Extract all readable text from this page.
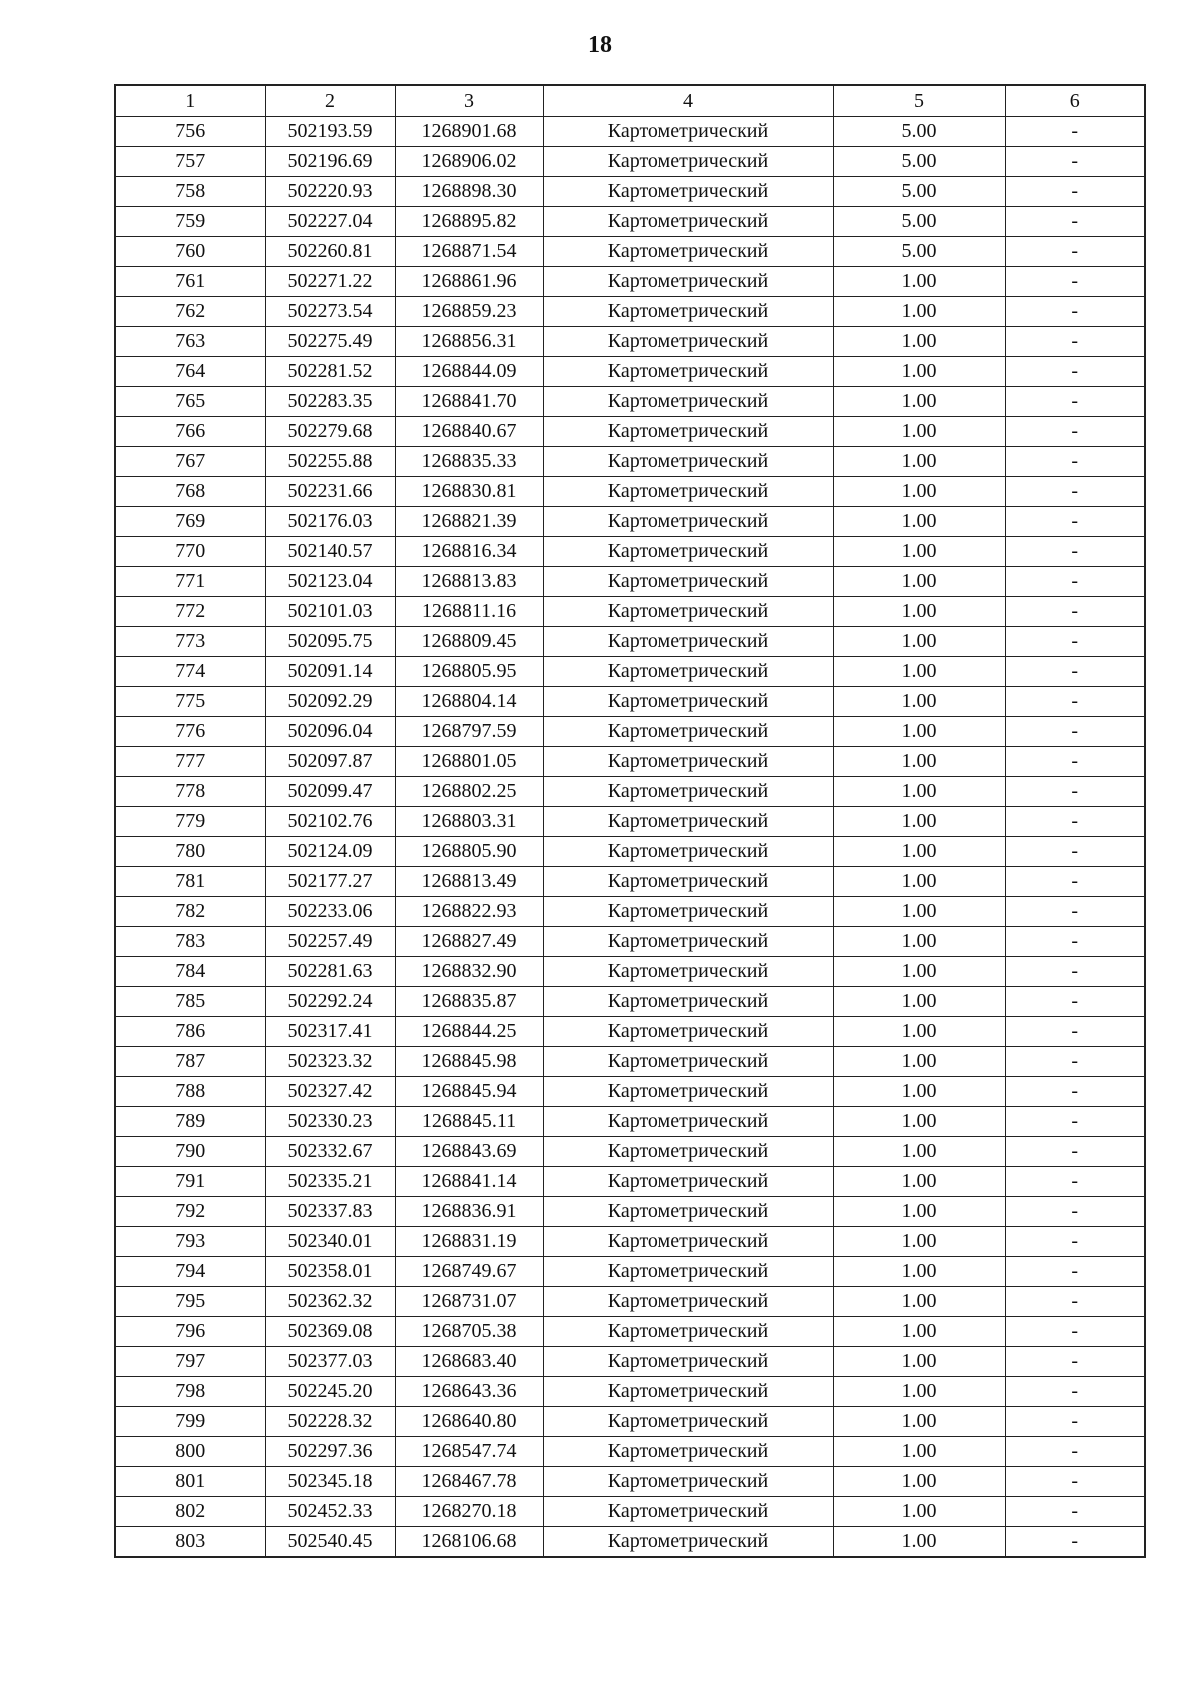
18
1	2	3	4	5	6
756	502193.59	1268901.68	Картометрический	5.00	-
757	502196.69	1268906.02	Картометрический	5.00	-
758	502220.93	1268898.30	Картометрический	5.00	-
759	502227.04	1268895.82	Картометрический	5.00	-
760	502260.81	1268871.54	Картометрический	5.00	-
761	502271.22	1268861.96	Картометрический	1.00	-
762	502273.54	1268859.23	Картометрический	1.00	-
763	502275.49	1268856.31	Картометрический	1.00	-
764	502281.52	1268844.09	Картометрический	1.00	-
765	502283.35	1268841.70	Картометрический	1.00	-
766	502279.68	1268840.67	Картометрический	1.00	-
767	502255.88	1268835.33	Картометрический	1.00	-
768	502231.66	1268830.81	Картометрический	1.00	-
769	502176.03	1268821.39	Картометрический	1.00	-
770	502140.57	1268816.34	Картометрический	1.00	-
771	502123.04	1268813.83	Картометрический	1.00	-
772	502101.03	1268811.16	Картометрический	1.00	-
773	502095.75	1268809.45	Картометрический	1.00	-
774	502091.14	1268805.95	Картометрический	1.00	-
775	502092.29	1268804.14	Картометрический	1.00	-
776	502096.04	1268797.59	Картометрический	1.00	-
777	502097.87	1268801.05	Картометрический	1.00	-
778	502099.47	1268802.25	Картометрический	1.00	-
779	502102.76	1268803.31	Картометрический	1.00	-
780	502124.09	1268805.90	Картометрический	1.00	-
781	502177.27	1268813.49	Картометрический	1.00	-
782	502233.06	1268822.93	Картометрический	1.00	-
783	502257.49	1268827.49	Картометрический	1.00	-
784	502281.63	1268832.90	Картометрический	1.00	-
785	502292.24	1268835.87	Картометрический	1.00	-
786	502317.41	1268844.25	Картометрический	1.00	-
787	502323.32	1268845.98	Картометрический	1.00	-
788	502327.42	1268845.94	Картометрический	1.00	-
789	502330.23	1268845.11	Картометрический	1.00	-
790	502332.67	1268843.69	Картометрический	1.00	-
791	502335.21	1268841.14	Картометрический	1.00	-
792	502337.83	1268836.91	Картометрический	1.00	-
793	502340.01	1268831.19	Картометрический	1.00	-
794	502358.01	1268749.67	Картометрический	1.00	-
795	502362.32	1268731.07	Картометрический	1.00	-
796	502369.08	1268705.38	Картометрический	1.00	-
797	502377.03	1268683.40	Картометрический	1.00	-
798	502245.20	1268643.36	Картометрический	1.00	-
799	502228.32	1268640.80	Картометрический	1.00	-
800	502297.36	1268547.74	Картометрический	1.00	-
801	502345.18	1268467.78	Картометрический	1.00	-
802	502452.33	1268270.18	Картометрический	1.00	-
803	502540.45	1268106.68	Картометрический	1.00	-
